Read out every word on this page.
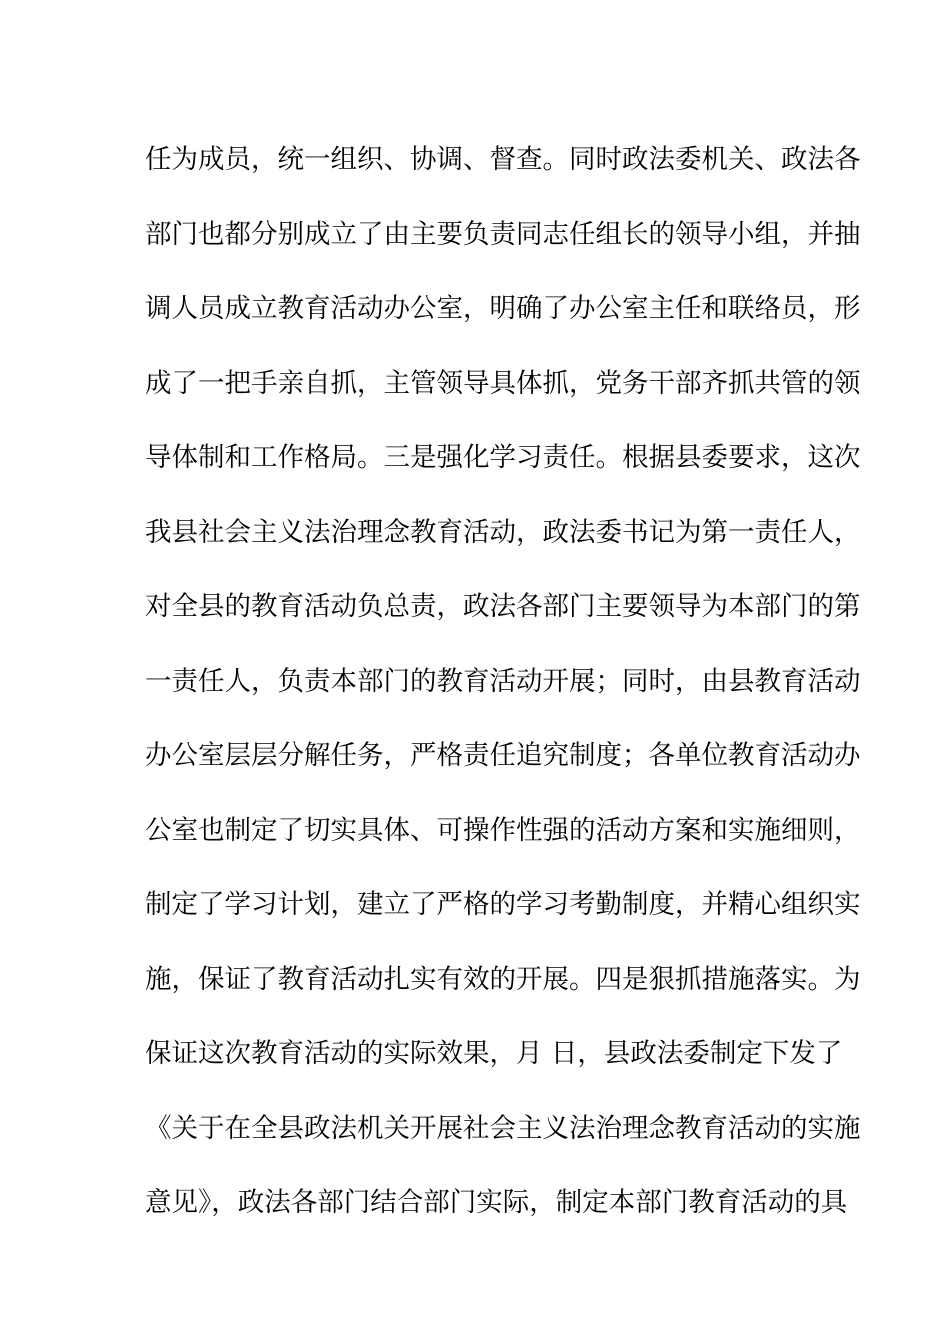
任为成员，统一组织、协调、督查。同时政法委机关、政法各
部门也都分别成立了由主要负责同志任组长的领导小组，并抽
调人员成立教育活动办公室，明确了办公室主任和联络员，形
成了一把手亲自抓，主管领导具体抓，党务干部齐抓共管的领
导体制和工作格局。三是强化学习责任。根据县委要求，这次
我县社会主义法治理念教育活动，政法委书记为第一责任人，
对全县的教育活动负总责，政法各部门主要领导为本部门的第
一责任人，负责本部门的教育活动开展；同时，由县教育活动
办公室层层分解任务，严格责任追究制度；各单位教育活动办
公室也制定了切实具体、可操作性强的活动方案和实施细则，
制定了学习计划，建立了严格的学习考勤制度，并精心组织实
施，保证了教育活动扎实有效的开展。四是狠抓措施落实。为
保证这次教育活动的实际效果，月 日，县政法委制定下发了
《关于在全县政法机关开展社会主义法治理念教育活动的实施
意见》，政法各部门结合部门实际，制定本部门教育活动的具
